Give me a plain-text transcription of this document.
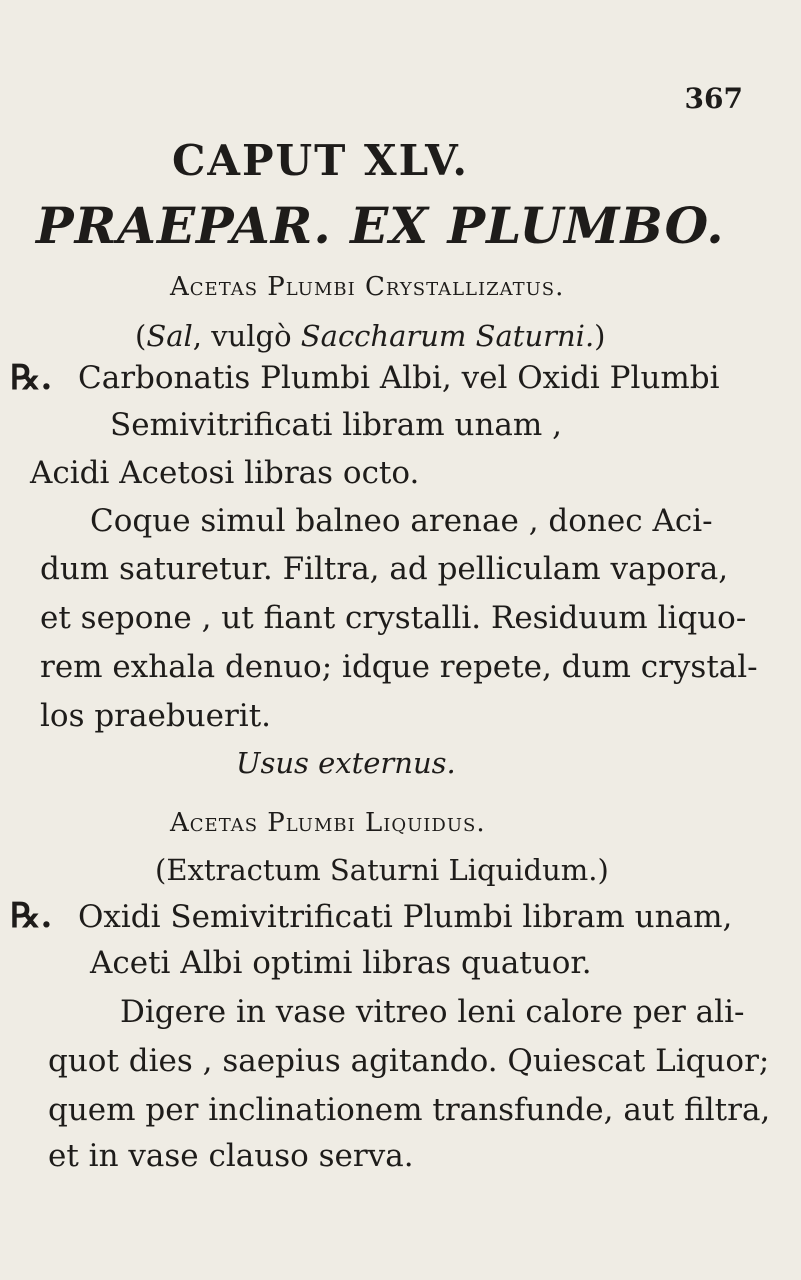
367
CAPUT XLV.
PRAEPAR. EX PLUMBO.
Acetas Plumbi Crystallizatus.
(Sal, vulgò Saccharum Saturni.)
℞. Carbonatis Plumbi Albi, vel Oxidi Plumbi
Semivitrificati libram unam ,
Acidi Acetosi libras octo.
Coque simul balneo arenae , donec Aci-
dum saturetur. Filtra, ad pelliculam vapora,
et sepone , ut fiant crystalli. Residuum liquo-
rem exhala denuo; idque repete, dum crystal-
los praebuerit.
Usus externus.
Acetas Plumbi Liquidus.
(Extractum Saturni Liquidum.)
℞. Oxidi Semivitrificati Plumbi libram unam,
Aceti Albi optimi libras quatuor.
Digere in vase vitreo leni calore per ali-
quot dies , saepius agitando. Quiescat Liquor;
quem per inclinationem transfunde, aut filtra,
et in vase clauso serva.
